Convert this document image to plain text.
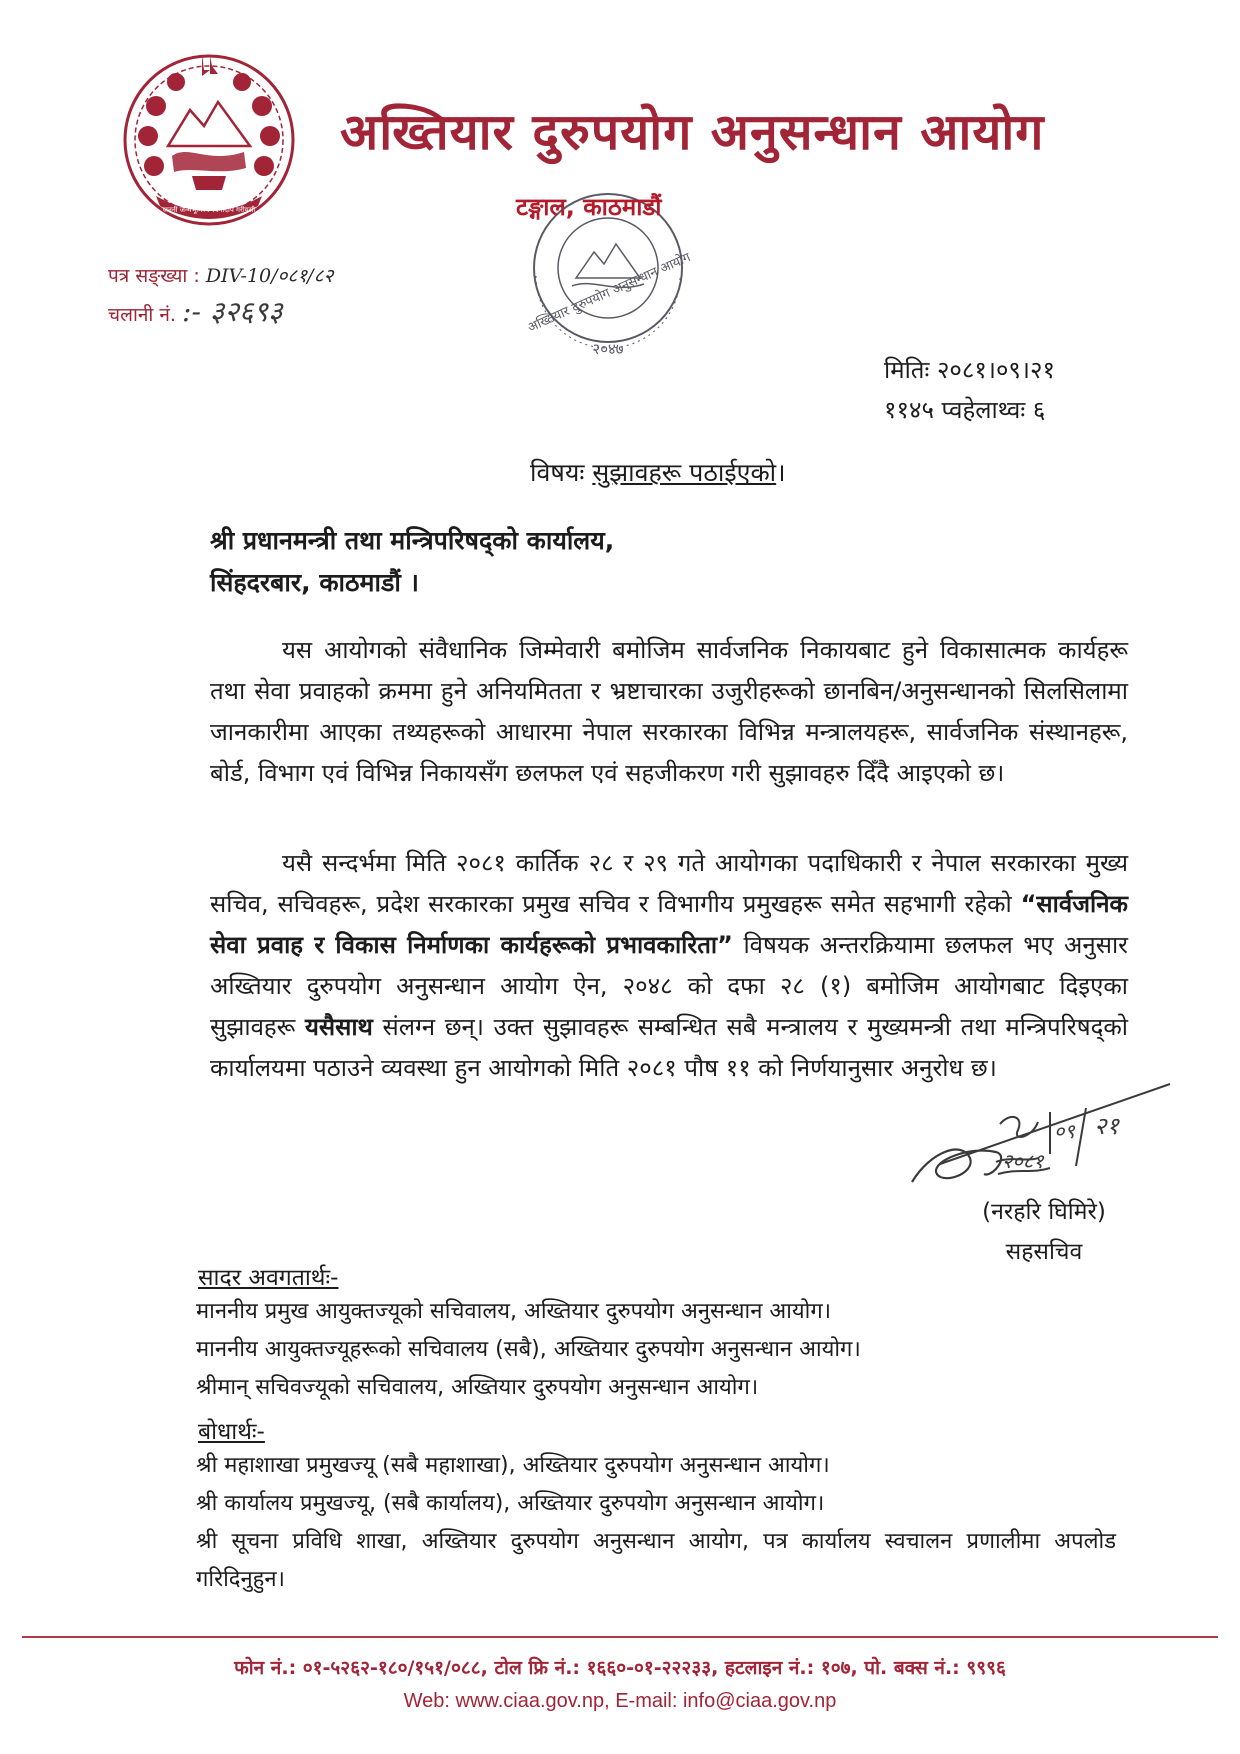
जननी जन्मभूमिश्च स्वर्गादपि गरीयसी
अख्तियार दुरुपयोग अनुसन्धान आयोग
पत्र सङ्ख्या : DIV-10/०८१/८२
चलानी नं. :- ३२६९३
२०४७
अख्तियार दुरुपयोग अनुसन्धान आयोग
टङ्गाल, काठमाडौं
मितिः २०८१।०९।२१
११४५ प्वहेलाथ्वः ६
विषयः सुझावहरू पठाईएको।
श्री प्रधानमन्त्री तथा मन्त्रिपरिषद्को कार्यालय,
सिंहदरबार, काठमाडौं ।
यस आयोगको संवैधानिक जिम्मेवारी बमोजिम सार्वजनिक निकायबाट हुने विकासात्मक कार्यहरू तथा सेवा प्रवाहको क्रममा हुने अनियमितता र भ्रष्टाचारका उजुरीहरूको छानबिन/अनुसन्धानको सिलसिलामा जानकारीमा आएका तथ्यहरूको आधारमा नेपाल सरकारका विभिन्न मन्त्रालयहरू, सार्वजनिक संस्थानहरू, बोर्ड, विभाग एवं विभिन्न निकायसँग छलफल एवं सहजीकरण गरी सुझावहरु दिँदै आइएको छ।
यसै सन्दर्भमा मिति २०८१ कार्तिक २८ र २९ गते आयोगका पदाधिकारी र नेपाल सरकारका मुख्य सचिव, सचिवहरू, प्रदेश सरकारका प्रमुख सचिव र विभागीय प्रमुखहरू समेत सहभागी रहेको “सार्वजनिक सेवा प्रवाह र विकास निर्माणका कार्यहरूको प्रभावकारिता” विषयक अन्तरक्रियामा छलफल भए अनुसार अख्तियार दुरुपयोग अनुसन्धान आयोग ऐन, २०४८ को दफा २८ (१) बमोजिम आयोगबाट दिइएका सुझावहरू यसैसाथ संलग्न छन्। उक्त सुझावहरू सम्बन्धित सबै मन्त्रालय र मुख्यमन्त्री तथा मन्त्रिपरिषद्को कार्यालयमा पठाउने व्यवस्था हुन आयोगको मिति २०८१ पौष ११ को निर्णयानुसार अनुरोध छ।
०९ २१
२०८१
(नरहरि घिमिरे)
सहसचिव
सादर अवगतार्थः-
माननीय प्रमुख आयुक्तज्यूको सचिवालय, अख्तियार दुरुपयोग अनुसन्धान आयोग।
माननीय आयुक्तज्यूहरूको सचिवालय (सबै), अख्तियार दुरुपयोग अनुसन्धान आयोग।
श्रीमान् सचिवज्यूको सचिवालय, अख्तियार दुरुपयोग अनुसन्धान आयोग।
बोधार्थः-
श्री महाशाखा प्रमुखज्यू (सबै महाशाखा), अख्तियार दुरुपयोग अनुसन्धान आयोग।
श्री कार्यालय प्रमुखज्यू, (सबै कार्यालय), अख्तियार दुरुपयोग अनुसन्धान आयोग।
श्री सूचना प्रविधि शाखा, अख्तियार दुरुपयोग अनुसन्धान आयोग, पत्र कार्यालय स्वचालन प्रणालीमा अपलोड गरिदिनुहुन।
फोन नं.: ०१-५२६२-१८०/१५१/०८८, टोल फ्रि नं.: १६६०-०१-२२२३३, हटलाइन नं.: १०७, पो. बक्स नं.: ९९९६
Web: www.ciaa.gov.np, E-mail: info@ciaa.gov.np
